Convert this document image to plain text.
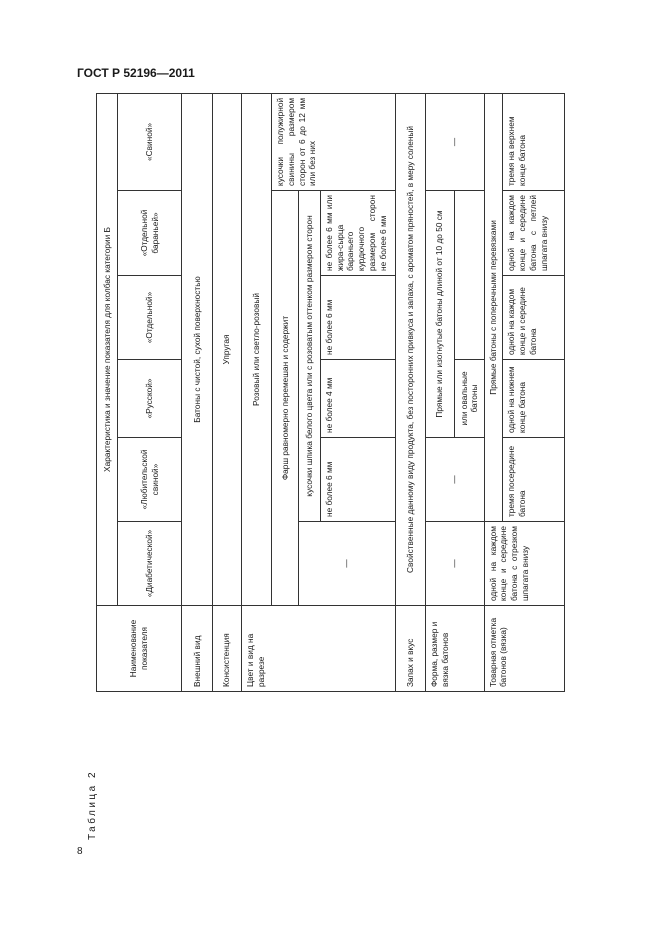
ГОСТ Р 52196—2011
8
Таблица 2
Наименование показателя	Характеристика и значение показателя для колбас категории Б					
	«Диабетической»	«Любительской свиной»	«Русской»	«Отдельной»	«Отдельной бараньей»	«Свиной»
Внешний вид	Батоны с чистой, сухой поверхностью					
Консистенция	Упругая					
Цвет и вид на разрезе	Розовый или светло-розовый					
	Фарш равномерно перемешан и содержит					кусочки полужирной свинины размером сторон от 6 до 12 мм или без них
	—	кусочки шпика белого цвета или с розоватым оттенком размером сторон				
		не более 6 мм	не более 4 мм	не более 6 мм	не более 6 мм или жира-сырца бараньего курдючного размером сторон не более 6 мм	
Запах и вкус	Свойственные данному виду продукта, без посторонних привкуса и запаха, с ароматом пряностей, в меру соленый					
Форма, размер и вязка батонов	—	—	Прямые или изогнутые батоны длиной от 10 до 50 см			—
			или овальные батоны			
Товарная отметка батонов (вязка)	одной на каждом конце и середине батона с отрезком шпагата внизу	Прямые батоны с поперечными перевязками				
		тремя посередине батона	одной на нижнем конце батона	одной на каждом конце и середине батона	одной на каждом конце и середине батона с петлей шпагата внизу	тремя на верхнем конце батона
